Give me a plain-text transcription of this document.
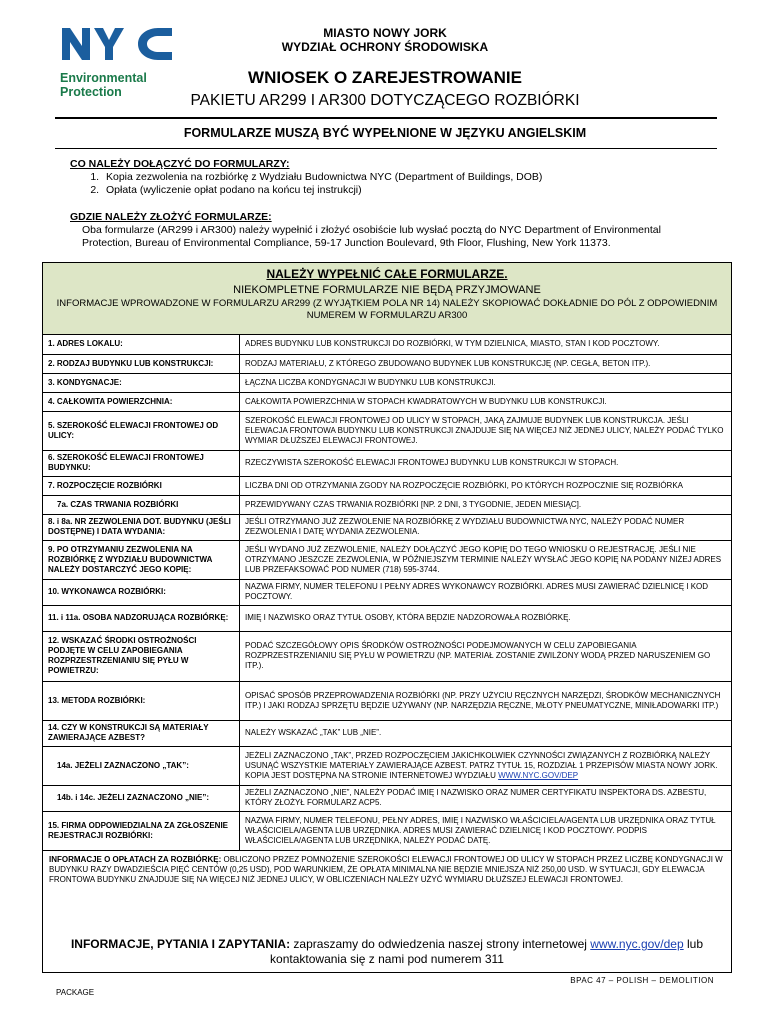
Environmental
Protection
MIASTO NOWY JORK
WYDZIAŁ OCHRONY ŚRODOWISKA
WNIOSEK O ZAREJESTROWANIE
PAKIETU AR299 I AR300 DOTYCZĄCEGO ROZBIÓRKI
FORMULARZE MUSZĄ BYĆ WYPEŁNIONE W JĘZYKU ANGIELSKIM
CO NALEŻY DOŁĄCZYĆ DO FORMULARZY:
1. Kopia zezwolenia na rozbiórkę z Wydziału Budownictwa NYC (Department of Buildings, DOB)
2. Opłata (wyliczenie opłat podano na końcu tej instrukcji)
GDZIE NALEŻY ZŁOŻYĆ FORMULARZE:

Oba formularze (AR299 i AR300) należy wypełnić i złożyć osobiście lub wysłać pocztą do NYC Department of Environmental

Protection, Bureau of Environmental Compliance, 59-17 Junction Boulevard, 9th Floor, Flushing, New York 11373.

NALEŻY WYPEŁNIĆ CAŁE FORMULARZE.
NIEKOMPLETNE FORMULARZE NIE BĘDĄ PRZYJMOWANE
INFORMACJE WPROWADZONE W FORMULARZU AR299 (Z WYJĄTKIEM POLA NR 14) NALEŻY SKOPIOWAĆ DOKŁADNIE DO PÓL Z ODPOWIEDNIM NUMEREM W FORMULARZU AR300
1. ADRES LOKALU:	ADRES BUDYNKU LUB KONSTRUKCJI DO ROZBIÓRKI, W TYM DZIELNICA, MIASTO, STAN I KOD POCZTOWY.
2. RODZAJ BUDYNKU LUB KONSTRUKCJI:	RODZAJ MATERIAŁU, Z KTÓREGO ZBUDOWANO BUDYNEK LUB KONSTRUKCJĘ (NP. CEGŁA, BETON ITP.).
3. KONDYGNACJE:	ŁĄCZNA LICZBA KONDYGNACJI W BUDYNKU LUB KONSTRUKCJI.
4. CAŁKOWITA POWIERZCHNIA:	CAŁKOWITA POWIERZCHNIA W STOPACH KWADRATOWYCH W BUDYNKU LUB KONSTRUKCJI.
5. SZEROKOŚĆ ELEWACJI FRONTOWEJ OD ULICY:	SZEROKOŚĆ ELEWACJI FRONTOWEJ OD ULICY W STOPACH, JAKĄ ZAJMUJE BUDYNEK LUB KONSTRUKCJA. JEŚLI ELEWACJA FRONTOWA BUDYNKU LUB KONSTRUKCJI ZNAJDUJE SIĘ NA WIĘCEJ NIŻ JEDNEJ ULICY, NALEŻY PODAĆ TYLKO WYMIAR DŁUŻSZEJ ELEWACJI FRONTOWEJ.
6. SZEROKOŚĆ ELEWACJI FRONTOWEJ BUDYNKU:	RZECZYWISTA SZEROKOŚĆ ELEWACJI FRONTOWEJ BUDYNKU LUB KONSTRUKCJI W STOPACH.
7. ROZPOCZĘCIE ROZBIÓRKI	LICZBA DNI OD OTRZYMANIA ZGODY NA ROZPOCZĘCIE ROZBIÓRKI, PO KTÓRYCH ROZPOCZNIE SIĘ ROZBIÓRKA
7a. CZAS TRWANIA ROZBIÓRKI	PRZEWIDYWANY CZAS TRWANIA ROZBIÓRKI [NP. 2 DNI, 3 TYGODNIE, JEDEN MIESIĄC].
8. i 8a. NR ZEZWOLENIA DOT. BUDYNKU (JEŚLI DOSTĘPNE) I DATA WYDANIA:	JEŚLI OTRZYMANO JUŻ ZEZWOLENIE NA ROZBIÓRKĘ Z WYDZIAŁU BUDOWNICTWA NYC, NALEŻY PODAĆ NUMER ZEZWOLENIA I DATĘ WYDANIA ZEZWOLENIA.
9. PO OTRZYMANIU ZEZWOLENIA NA ROZBIÓRKĘ Z WYDZIAŁU BUDOWNICTWA NALEŻY DOSTARCZYĆ JEGO KOPIĘ:	JEŚLI WYDANO JUŻ ZEZWOLENIE, NALEŻY DOŁĄCZYĆ JEGO KOPIĘ DO TEGO WNIOSKU O REJESTRACJĘ. JEŚLI NIE OTRZYMANO JESZCZE ZEZWOLENIA, W PÓŹNIEJSZYM TERMINIE NALEŻY WYSŁAĆ JEGO KOPIĘ NA PODANY NIŻEJ ADRES LUB PRZEFAKSOWAĆ POD NUMER (718) 595-3744.
10. WYKONAWCA ROZBIÓRKI:	NAZWA FIRMY, NUMER TELEFONU I PEŁNY ADRES WYKONAWCY ROZBIÓRKI. ADRES MUSI ZAWIERAĆ DZIELNICĘ I KOD POCZTOWY.
11. i 11a. OSOBA NADZORUJĄCA ROZBIÓRKĘ:	IMIĘ I NAZWISKO ORAZ TYTUŁ OSOBY, KTÓRA BĘDZIE NADZOROWAŁA ROZBIÓRKĘ.
12. WSKAZAĆ ŚRODKI OSTROŻNOŚCI PODJĘTE W CELU ZAPOBIEGANIA ROZPRZESTRZENIANIU SIĘ PYŁU W POWIETRZU:	PODAĆ SZCZEGÓŁOWY OPIS ŚRODKÓW OSTROŻNOŚCI PODEJMOWANYCH W CELU ZAPOBIEGANIA ROZPRZESTRZENIANIU SIĘ PYŁU W POWIETRZU (NP. MATERIAŁ ZOSTANIE ZWILŻONY WODĄ PRZED NARUSZENIEM GO ITP.).
13. METODA ROZBIÓRKI:	OPISAĆ SPOSÓB PRZEPROWADZENIA ROZBIÓRKI (NP. PRZY UŻYCIU RĘCZNYCH NARZĘDZI, ŚRODKÓW MECHANICZNYCH ITP.) I JAKI RODZAJ SPRZĘTU BĘDZIE UŻYWANY (NP. NARZĘDZIA RĘCZNE, MŁOTY PNEUMATYCZNE, MINIŁADOWARKI ITP.)
14. CZY W KONSTRUKCJI SĄ MATERIAŁY ZAWIERAJĄCE AZBEST?	NALEŻY WSKAZAĆ „TAK” LUB „NIE”.
14a. JEŻELI ZAZNACZONO „TAK”:	JEŻELI ZAZNACZONO „TAK”, PRZED ROZPOCZĘCIEM JAKICHKOLWIEK CZYNNOŚCI ZWIĄZANYCH Z ROZBIÓRKĄ NALEŻY USUNĄĆ WSZYSTKIE MATERIAŁY ZAWIERAJĄCE AZBEST. PATRZ TYTUŁ 15, ROZDZIAŁ 1 PRZEPISÓW MIASTA NOWY JORK. KOPIA JEST DOSTĘPNA NA STRONIE INTERNETOWEJ WYDZIAŁU WWW.NYC.GOV/DEP
14b. i 14c. JEŻELI ZAZNACZONO „NIE”:	JEŻELI ZAZNACZONO „NIE”, NALEŻY PODAĆ IMIĘ I NAZWISKO ORAZ NUMER CERTYFIKATU INSPEKTORA DS. AZBESTU, KTÓRY ZŁOŻYŁ FORMULARZ ACP5.
15. FIRMA ODPOWIEDZIALNA ZA ZGŁOSZENIE REJESTRACJI ROZBIÓRKI:	NAZWA FIRMY, NUMER TELEFONU, PEŁNY ADRES, IMIĘ I NAZWISKO WŁAŚCICIELA/AGENTA LUB URZĘDNIKA ORAZ TYTUŁ WŁAŚCICIELA/AGENTA LUB URZĘDNIKA. ADRES MUSI ZAWIERAĆ DZIELNICĘ I KOD POCZTOWY. PODPIS WŁAŚCICIELA/AGENTA LUB URZĘDNIKA, NALEŻY PODAĆ DATĘ.
INFORMACJE O OPŁATACH ZA ROZBIÓRKĘ: OBLICZONO PRZEZ POMNOŻENIE SZEROKOŚCI ELEWACJI FRONTOWEJ OD ULICY W STOPACH PRZEZ LICZBĘ KONDYGNACJI W BUDYNKU RAZY DWADZIEŚCIA PIĘĆ CENTÓW (0,25 USD), POD WARUNKIEM, ŻE OPŁATA MINIMALNA NIE BĘDZIE MNIEJSZA NIŻ 250,00 USD. W SYTUACJI, GDY ELEWACJA FRONTOWA BUDYNKU ZNAJDUJE SIĘ NA WIĘCEJ NIŻ JEDNEJ ULICY, W OBLICZENIACH NALEŻY UŻYĆ WYMIARU DŁUŻSZEJ ELEWACJI FRONTOWEJ.
INFORMACJE, PYTANIA I ZAPYTANIA: zapraszamy do odwiedzenia naszej strony internetowej www.nyc.gov/dep lub kontaktowania się z nami pod numerem 311
BPAC 47 – POLISH – DEMOLITION
PACKAGE
